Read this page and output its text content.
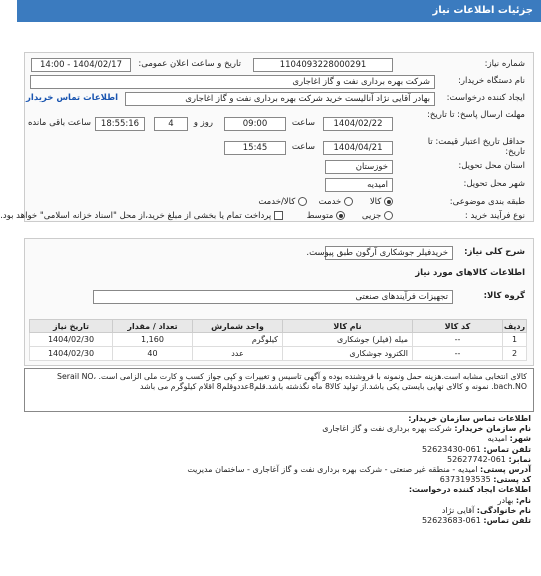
جزئیات اطلاعات نیاز
شماره نیاز:
1104093228000291
تاریخ و ساعت اعلان عمومی:
1404/02/17 - 14:00
نام دستگاه خریدار:
شرکت بهره برداری نفت و گاز اغاجاری
ایجاد کننده درخواست:
بهادر آقایی نژاد آنالیست خرید شرکت بهره برداری نفت و گاز اغاجاری
اطلاعات تماس خریدار
مهلت ارسال پاسخ: تا تاریخ:
1404/02/22
ساعت
09:00
روز و
4
ساعت باقی مانده	18:55:16
حداقل تاریخ اعتبار قیمت: تا تاریخ:
1404/04/21
ساعت
15:45
استان محل تحویل:
خوزستان
شهر محل تحویل:
امیدیه
طبقه بندی موضوعی:
کالا
خدمت
کالا/خدمت
نوع فرآیند خرید :
جزیی
متوسط
پرداخت تمام یا بخشی از مبلغ خرید،از محل "اسناد خزانه اسلامی" خواهد بود.
شرح کلی نیاز:
خریدفیلر جوشکاری آرگون طبق پیوست.
اطلاعات کالاهای مورد نیاز
گروه کالا:
تجهیزات فرآیندهای صنعتی
ردیف	کد کالا	نام کالا	واحد شمارش	تعداد / مقدار	تاریخ نیاز
1	--	میله (فیلر) جوشکاری	کیلوگرم	1,160	1404/02/30
2	--	الکترود جوشکاری	عدد	40	1404/02/30
کالای انتخابی مشابه است.هزینه حمل ونمونه با فروشنده بوده و آگهی تاسیس و تغییرات و کپی جواز کسب و کارت ملی الزامی است. Serail NO، bach.NO. نمونه و کالای نهایی بایستی یکی باشد.از تولید کالا8 ماه نگذشته باشد.قلم8عددوقلم8 اقلام کیلوگرم می باشد
اطلاعات تماس سازمان خریدار:
نام سازمان خریدار: شرکت بهره برداری نفت و گاز اغاجاری
شهر: امیدیه
تلفن تماس: 061-52623430
نمابر: 061-52627742
آدرس پستی: امیدیه - منطقه غیر صنعتی - شرکت بهره برداری نفت و گاز آغاجاری - ساختمان مدیریت
کد پستی: 6373193535
اطلاعات ایجاد کننده درخواست:
نام: بهادر
نام خانوادگی: آقایی نژاد
تلفن تماس: 061-52623683
